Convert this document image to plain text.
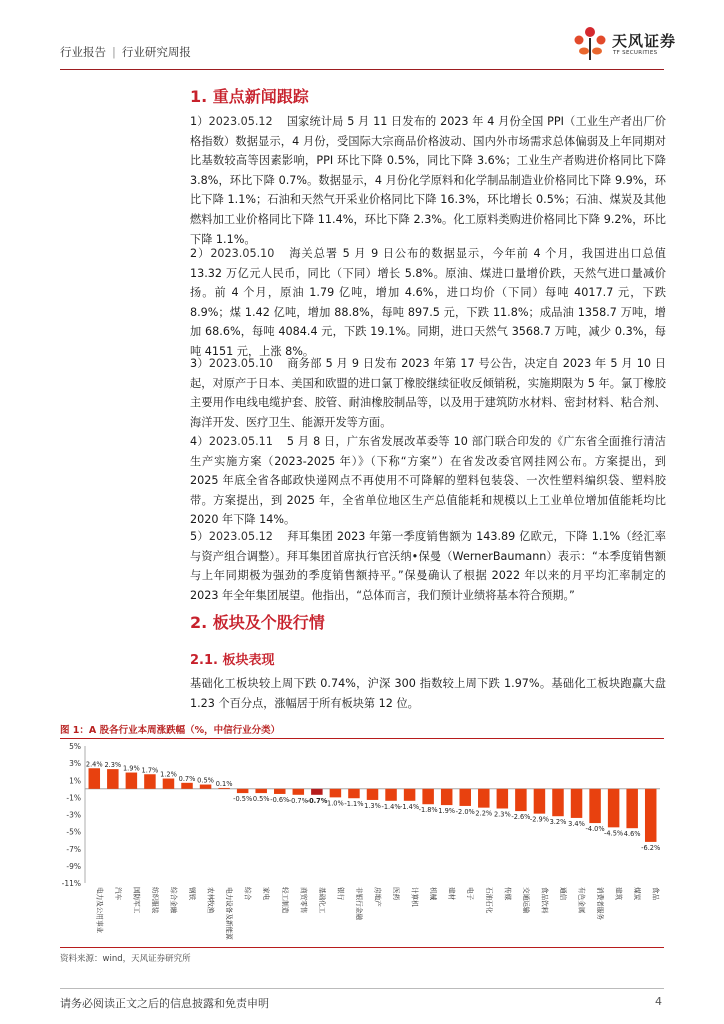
行业报告 | 行业研究周报
天风证券
TF SECURITIES
1. 重点新闻跟踪
1）2023.05.12 国家统计局 5 月 11 日发布的 2023 年 4 月份全国 PPI（工业生产者出厂价格指数）数据显示，4 月份，受国际大宗商品价格波动、国内外市场需求总体偏弱及上年同期对比基数较高等因素影响，PPI 环比下降 0.5%，同比下降 3.6%；工业生产者购进价格同比下降 3.8%，环比下降 0.7%。数据显示，4 月份化学原料和化学制品制造业价格同比下降 9.9%，环比下降 1.1%；石油和天然气开采业价格同比下降 16.3%，环比增长 0.5%；石油、煤炭及其他燃料加工业价格同比下降 11.4%，环比下降 2.3%。化工原料类购进价格同比下降 9.2%，环比下降 1.1%。
2）2023.05.10 海关总署 5 月 9 日公布的数据显示，今年前 4 个月，我国进出口总值 13.32 万亿元人民币，同比（下同）增长 5.8%。原油、煤进口量增价跌，天然气进口量减价扬。前 4 个月，原油 1.79 亿吨，增加 4.6%，进口均价（下同）每吨 4017.7 元，下跌 8.9%；煤 1.42 亿吨，增加 88.8%，每吨 897.5 元，下跌 11.8%；成品油 1358.7 万吨，增加 68.6%，每吨 4084.4 元，下跌 19.1%。同期，进口天然气 3568.7 万吨，减少 0.3%，每吨 4151 元，上涨 8%。
3）2023.05.10 商务部 5 月 9 日发布 2023 年第 17 号公告，决定自 2023 年 5 月 10 日起，对原产于日本、美国和欧盟的进口氯丁橡胶继续征收反倾销税，实施期限为 5 年。氯丁橡胶主要用作电线电缆护套、胶管、耐油橡胶制品等，以及用于建筑防水材料、密封材料、粘合剂、海洋开发、医疗卫生、能源开发等方面。
4）2023.05.11 5 月 8 日，广东省发展改革委等 10 部门联合印发的《广东省全面推行清洁生产实施方案（2023-2025 年）》（下称“方案”）在省发改委官网挂网公布。方案提出，到 2025 年底全省各邮政快递网点不再使用不可降解的塑料包装袋、一次性塑料编织袋、塑料胶带。方案提出，到 2025 年，全省单位地区生产总值能耗和规模以上工业单位增加值能耗均比 2020 年下降 14%。
5）2023.05.12 拜耳集团 2023 年第一季度销售额为 143.89 亿欧元，下降 1.1%（经汇率与资产组合调整）。拜耳集团首席执行官沃纳•保曼（WernerBaumann）表示：“本季度销售额与上年同期极为强劲的季度销售额持平。”保曼确认了根据 2022 年以来的月平均汇率制定的 2023 年全年集团展望。他指出，“总体而言，我们预计业绩将基本符合预期。”
2. 板块及个股行情
2.1. 板块表现
基础化工板块较上周下跌 0.74%，沪深 300 指数较上周下跌 1.97%。基础化工板块跑赢大盘 1.23 个百分点，涨幅居于所有板块第 12 位。
图 1：A 股各行业本周涨跌幅（%，中信行业分类）
5%
3%
1%
-1%
-3%
-5%
-7%
-9%
-11%
2.4% 2.3% 1.9% 1.7%
1.2%
0.7% 0.5% 0.1%
-0.5% 0.5% -0.6% -0.7%
-0.7% 1.0% -1.1% 1.3% -1.4% -1.4% -1.8% 1.9% -2.0% 2.2% 2.3% -2.6% -2.9% 3.2% 3.4%
-4.0%
-4.5% 4.6%
-6.2%
电力及公用事业 汽车 国防军工 纺织服装 综合金融 钢铁 农林牧渔 电力设备及新能源 综合 家电 轻工制造 商贸零售 基础化工 银行 非银行金融 房地产 医药 计算机 机械 建材 电子 石油石化 传媒 交通运输 食品饮料 通信 有色金属 消费者服务 建筑 煤炭 食品
资料来源：wind，天风证券研究所
请务必阅读正文之后的信息披露和免责申明	4
